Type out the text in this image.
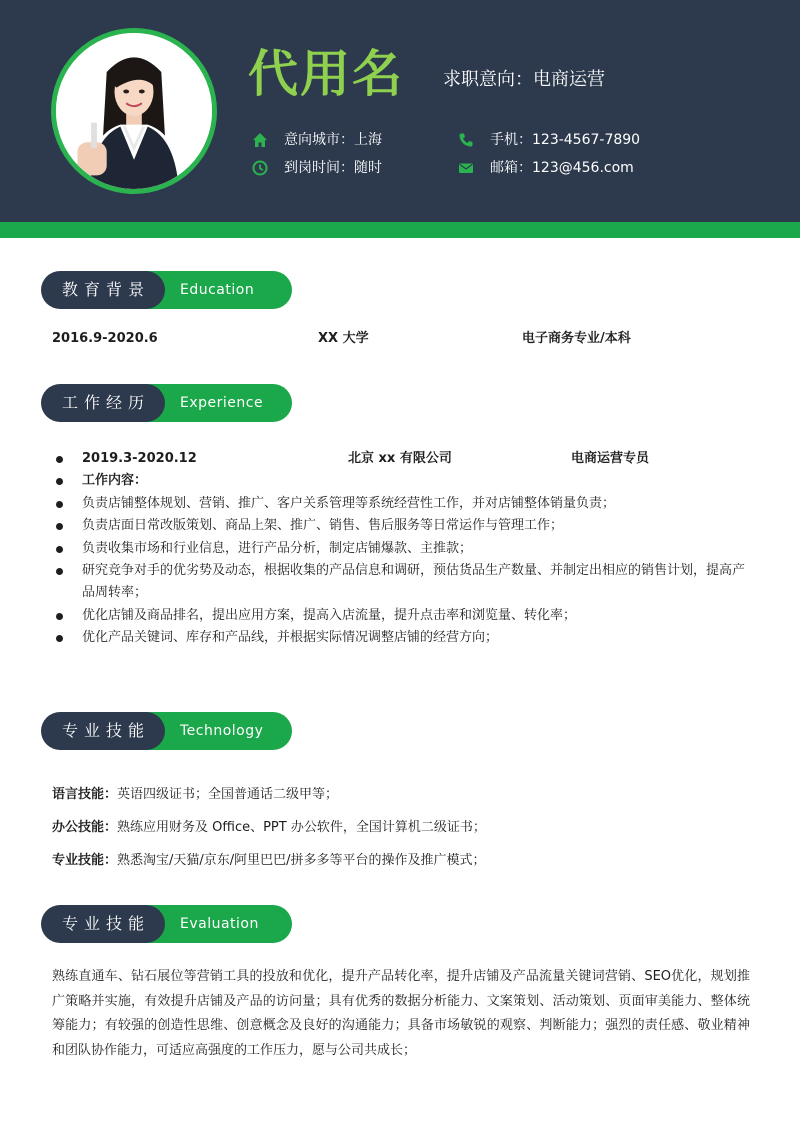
代用名 求职意向：电商运营
意向城市：上海
到岗时间：随时
手机：123-4567-7890
邮箱：123@456.com
教育背景	Education
2016.9-2020.6	XX 大学	电子商务专业/本科
工作经历	Experience
2019.3-2020.12	北京 xx 有限公司	电商运营专员
工作内容：
负责店铺整体规划、营销、推广、客户关系管理等系统经营性工作，并对店铺整体销量负责；
负责店面日常改版策划、商品上架、推广、销售、售后服务等日常运作与管理工作；
负责收集市场和行业信息，进行产品分析，制定店铺爆款、主推款；
研究竞争对手的优劣势及动态，根据收集的产品信息和调研，预估货品生产数量、并制定出相应的销售计划，提高产品周转率；
优化店铺及商品排名，提出应用方案，提高入店流量，提升点击率和浏览量、转化率；
优化产品关键词、库存和产品线，并根据实际情况调整店铺的经营方向；
专业技能	Technology
语言技能：英语四级证书；全国普通话二级甲等；
办公技能：熟练应用财务及 Office、PPT 办公软件，全国计算机二级证书；
专业技能：熟悉淘宝/天猫/京东/阿里巴巴/拼多多等平台的操作及推广模式；
专业技能	Evaluation
熟练直通车、钻石展位等营销工具的投放和优化，提升产品转化率，提升店铺及产品流量关键词营销、SEO优化，规划推广策略并实施，有效提升店铺及产品的访问量；具有优秀的数据分析能力、文案策划、活动策划、页面审美能力、整体统筹能力；有较强的创造性思维、创意概念及良好的沟通能力；具备市场敏锐的观察、判断能力；强烈的责任感、敬业精神和团队协作能力，可适应高强度的工作压力，愿与公司共成长；
